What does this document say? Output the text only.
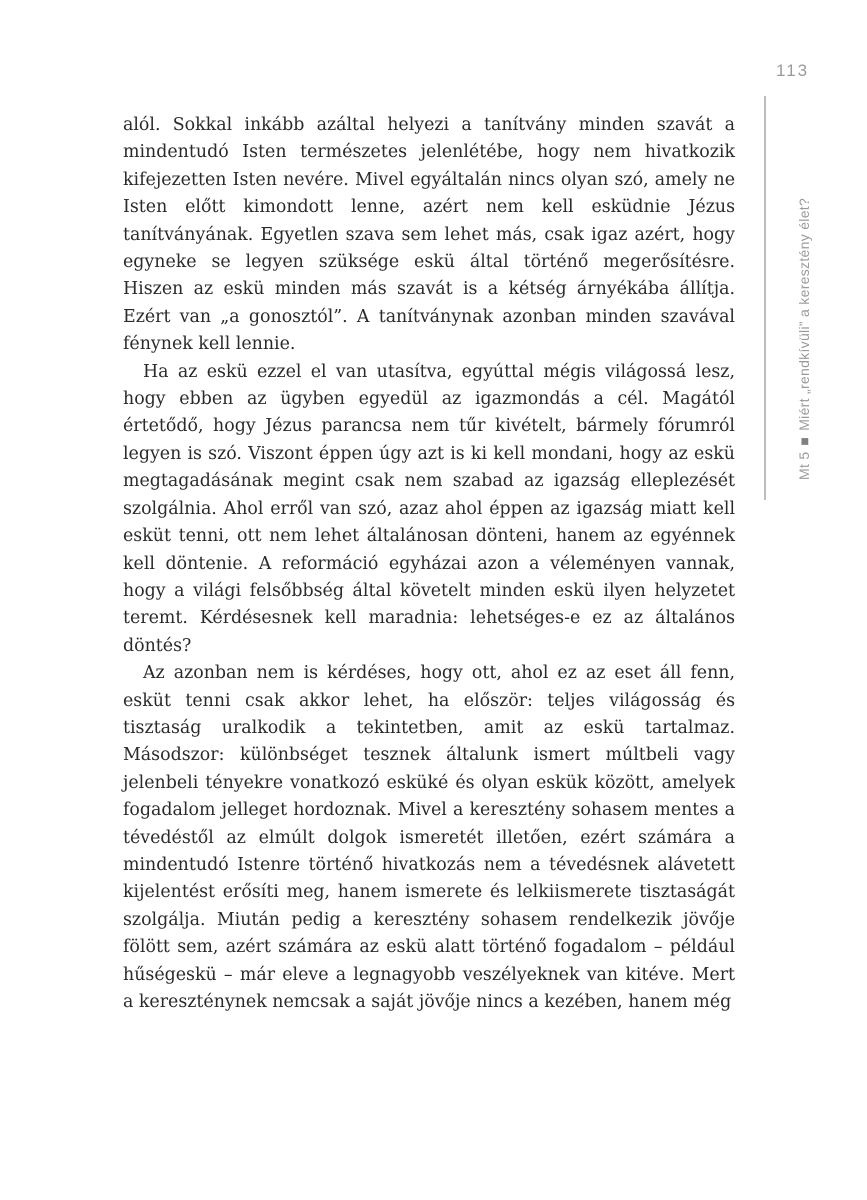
113
Mt 5■Miért „rendkívüli” a keresztény élet?

alól. Sokkal inkább azáltal helyezi a tanítvány minden szavát a mindentudó Isten természetes jelenlétébe, hogy nem hivatkozik kifejezetten Isten nevére. Mivel egyáltalán nincs olyan szó, amely ne Isten előtt kimondott lenne, azért nem kell esküdnie Jézus tanítványának. Egyetlen szava sem lehet más, csak igaz azért, hogy egyneke se legyen szüksége eskü által történő megerősítésre. Hiszen az eskü minden más szavát is a kétség árnyékába állítja. Ezért van „a gonosztól”. A tanítványnak azonban minden szavával fénynek kell lennie.

Ha az eskü ezzel el van utasítva, egyúttal mégis világossá lesz, hogy ebben az ügyben egyedül az igazmondás a cél. Magától értetődő, hogy Jézus parancsa nem tűr kivételt, bármely fórumról legyen is szó. Viszont éppen úgy azt is ki kell mondani, hogy az eskü megtagadásának megint csak nem szabad az igazság elleplezését szolgálnia. Ahol erről van szó, azaz ahol éppen az igazság miatt kell esküt tenni, ott nem lehet általánosan dönteni, hanem az egyénnek kell döntenie. A reformáció egyházai azon a véleményen vannak, hogy a világi felsőbbség által követelt minden eskü ilyen helyzetet teremt. Kérdésesnek kell maradnia: lehetséges-e ez az általános döntés?

Az azonban nem is kérdéses, hogy ott, ahol ez az eset áll fenn, esküt tenni csak akkor lehet, ha először: teljes világosság és tisztaság uralkodik a tekintetben, amit az eskü tartalmaz. Másodszor: különbséget tesznek általunk ismert múltbeli vagy jelenbeli tényekre vonatkozó esküké és olyan eskük között, amelyek fogadalom jelleget hordoznak. Mivel a keresztény sohasem mentes a tévedéstől az elmúlt dolgok ismeretét illetően, ezért számára a mindentudó Istenre történő hivatkozás nem a tévedésnek alávetett kijelentést erősíti meg, hanem ismerete és lelkiismerete tisztaságát szolgálja. Miután pedig a keresztény sohasem rendelkezik jövője fölött sem, azért számára az eskü alatt történő fogadalom – például hűségeskü – már eleve a legnagyobb veszélyeknek van kitéve. Mert a kereszténynek nemcsak a saját jövője nincs a kezében, hanem még
